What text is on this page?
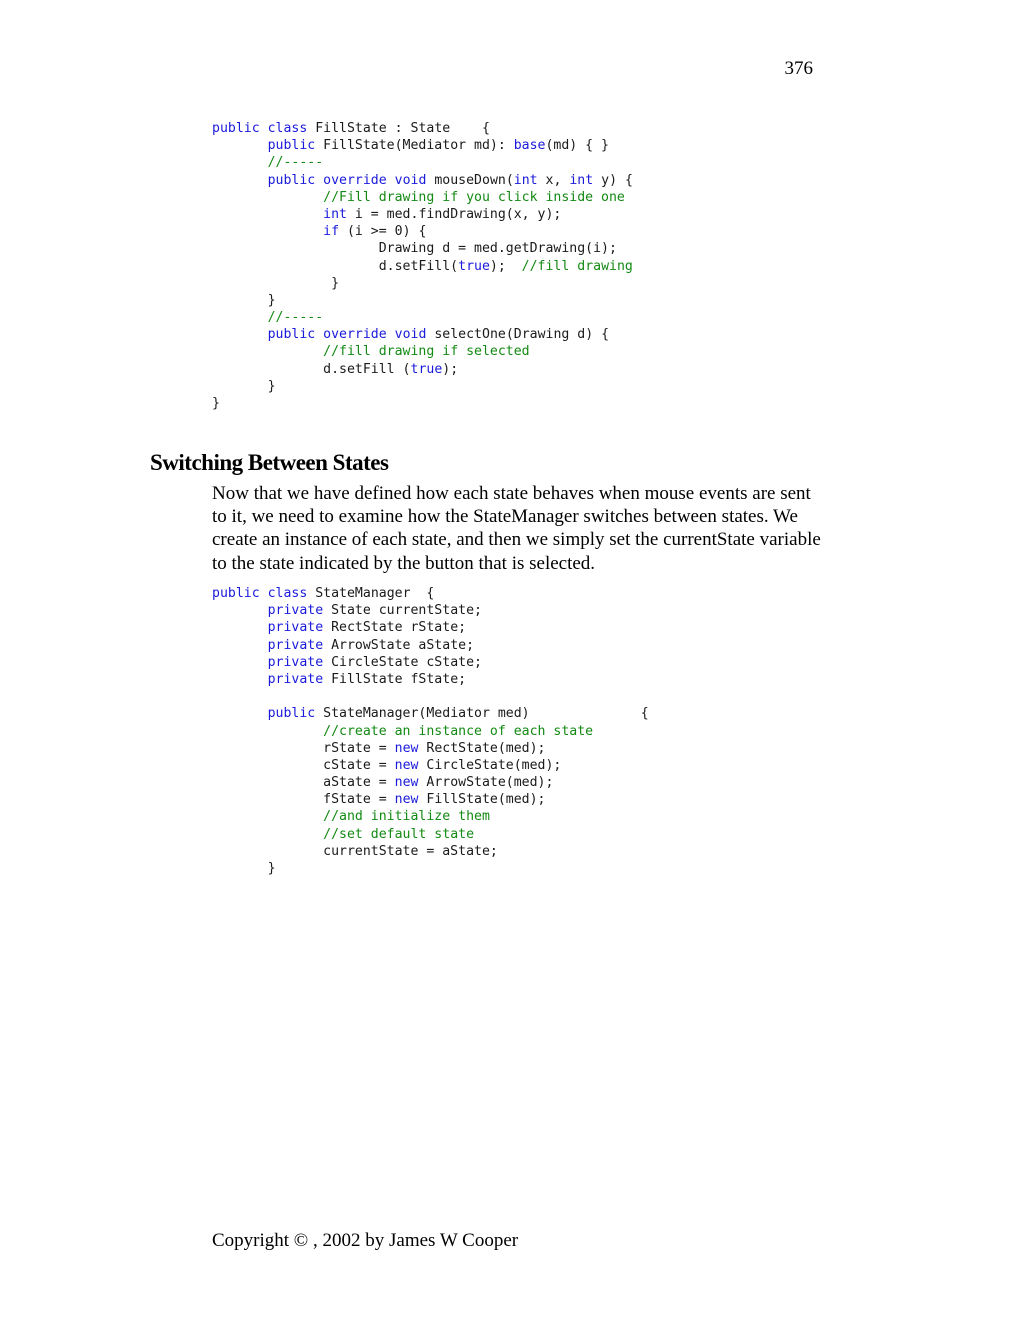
376
public class FillState : State    {
public FillState(Mediator md): base(md) { }
//-----
public override void mouseDown(int x, int y) {
//Fill drawing if you click inside one
int i = med.findDrawing(x, y);
if (i >= 0) {
Drawing d = med.getDrawing(i);
d.setFill(true);  //fill drawing
}
}
//-----
public override void selectOne(Drawing d) {
//fill drawing if selected
d.setFill (true);
}
}
Switching Between States

Now that we have defined how each state behaves when mouse events are sent to it, we need to examine how the StateManager switches between states. We create an instance of each state, and then we simply set the currentState variable to the state indicated by the button that is selected.

public class StateManager  {
private State currentState;
private RectState rState;
private ArrowState aState;
private CircleState cState;
private FillState fState;
public StateManager(Mediator med)              {
//create an instance of each state
rState = new RectState(med);
cState = new CircleState(med);
aState = new ArrowState(med);
fState = new FillState(med);
//and initialize them
//set default state
currentState = aState;
}

Copyright © , 2002 by James W Cooper
